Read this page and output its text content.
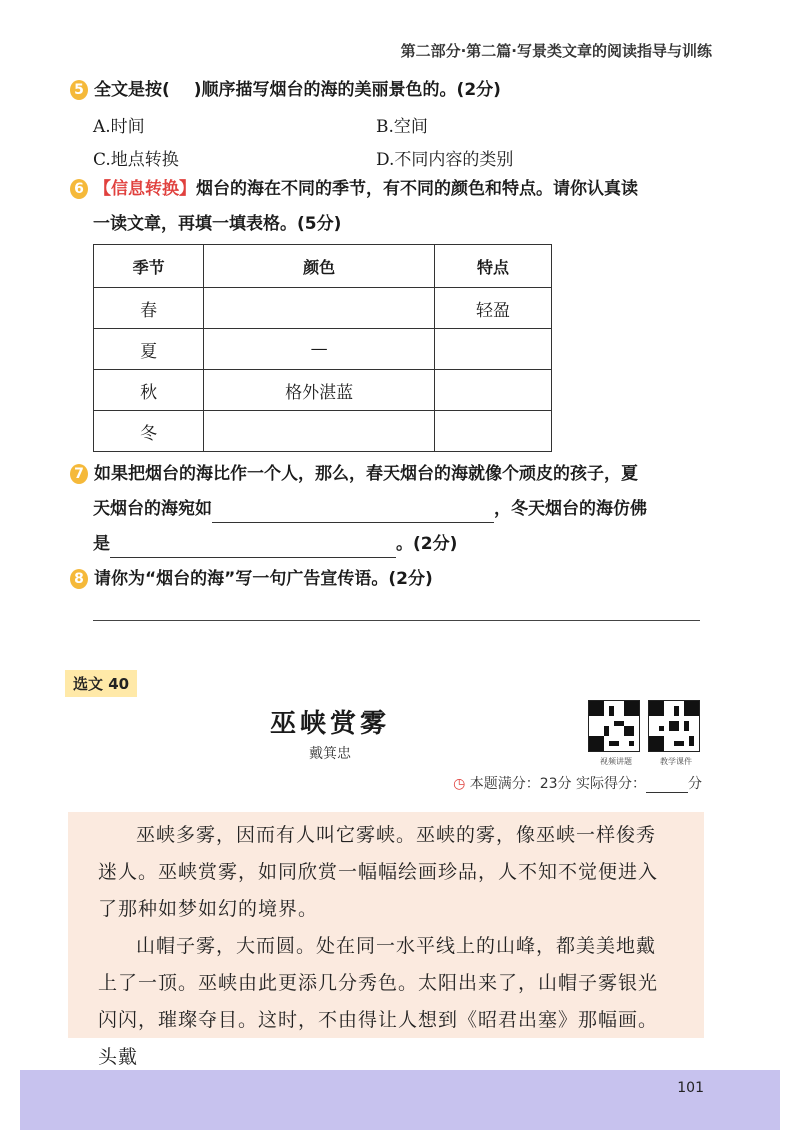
第二部分·第二篇·写景类文章的阅读指导与训练
5 全文是按( )顺序描写烟台的海的美丽景色的。(2分)
A.时间	B.空间
C.地点转换	D.不同内容的类别
6 【信息转换】烟台的海在不同的季节，有不同的颜色和特点。请你认真读
一读文章，再填一填表格。(5分)
季节	颜色	特点
春		轻盈
夏	—	
秋	格外湛蓝	
冬		
7 如果把烟台的海比作一个人，那么，春天烟台的海就像个顽皮的孩子，夏
天烟台的海宛如	，冬天烟台的海仿佛
是	。(2分)
8 请你为“烟台的海”写一句广告宣传语。(2分)
选文 40
巫峡赏雾
戴箕忠	视频讲题	教学课件
◷ 本题满分：23分 实际得分：	分

巫峡多雾，因而有人叫它雾峡。巫峡的雾，像巫峡一样俊秀迷人。巫峡赏雾，如同欣赏一幅幅绘画珍品，人不知不觉便进入了那种如梦如幻的境界。

山帽子雾，大而圆。处在同一水平线上的山峰，都美美地戴上了一顶。巫峡由此更添几分秀色。太阳出来了，山帽子雾银光闪闪，璀璨夺目。这时，不由得让人想到《昭君出塞》那幅画。头戴

101
